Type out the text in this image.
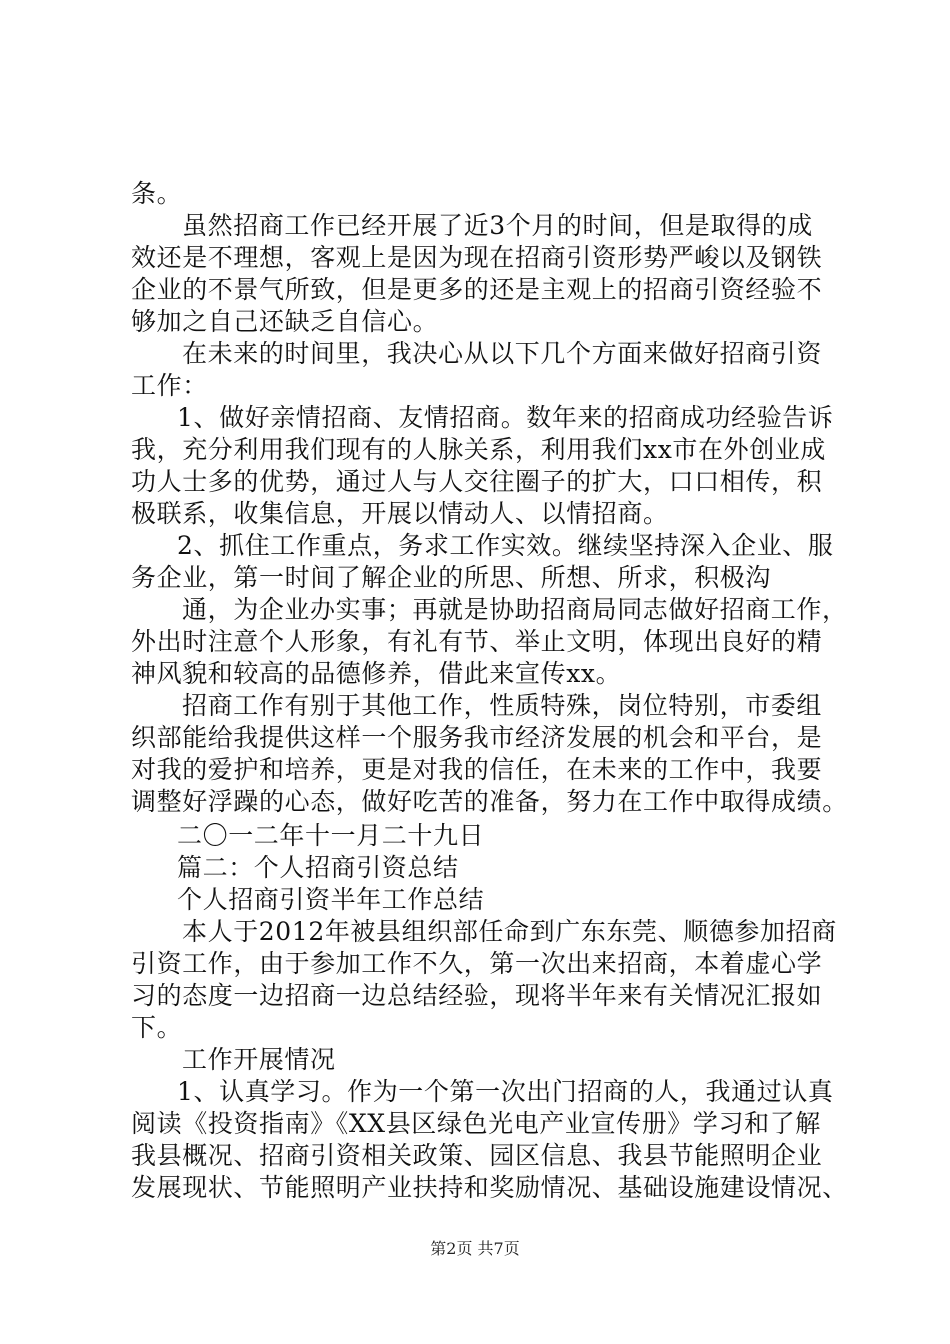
条。
虽然招商工作已经开展了近3个月的时间，但是取得的成
效还是不理想，客观上是因为现在招商引资形势严峻以及钢铁
企业的不景气所致，但是更多的还是主观上的招商引资经验不
够加之自己还缺乏自信心。
在未来的时间里，我决心从以下几个方面来做好招商引资
工作：
1、做好亲情招商、友情招商。数年来的招商成功经验告诉
我，充分利用我们现有的人脉关系，利用我们xx市在外创业成
功人士多的优势，通过人与人交往圈子的扩大，口口相传，积
极联系，收集信息，开展以情动人、以情招商。
2、抓住工作重点，务求工作实效。继续坚持深入企业、服
务企业，第一时间了解企业的所思、所想、所求，积极沟
通，为企业办实事；再就是协助招商局同志做好招商工作，
外出时注意个人形象，有礼有节、举止文明，体现出良好的精
神风貌和较高的品德修养，借此来宣传xx。
招商工作有别于其他工作，性质特殊，岗位特别，市委组
织部能给我提供这样一个服务我市经济发展的机会和平台，是
对我的爱护和培养，更是对我的信任，在未来的工作中，我要
调整好浮躁的心态，做好吃苦的准备，努力在工作中取得成绩。
二〇一二年十一月二十九日
篇二：个人招商引资总结
个人招商引资半年工作总结
本人于2012年被县组织部任命到广东东莞、顺德参加招商
引资工作，由于参加工作不久，第一次出来招商，本着虚心学
习的态度一边招商一边总结经验，现将半年来有关情况汇报如
下。
工作开展情况
1、认真学习。作为一个第一次出门招商的人，我通过认真
阅读《投资指南》《XX县区绿色光电产业宣传册》学习和了解
我县概况、招商引资相关政策、园区信息、我县节能照明企业
发展现状、节能照明产业扶持和奖励情况、基础设施建设情况、
第2页 共7页
